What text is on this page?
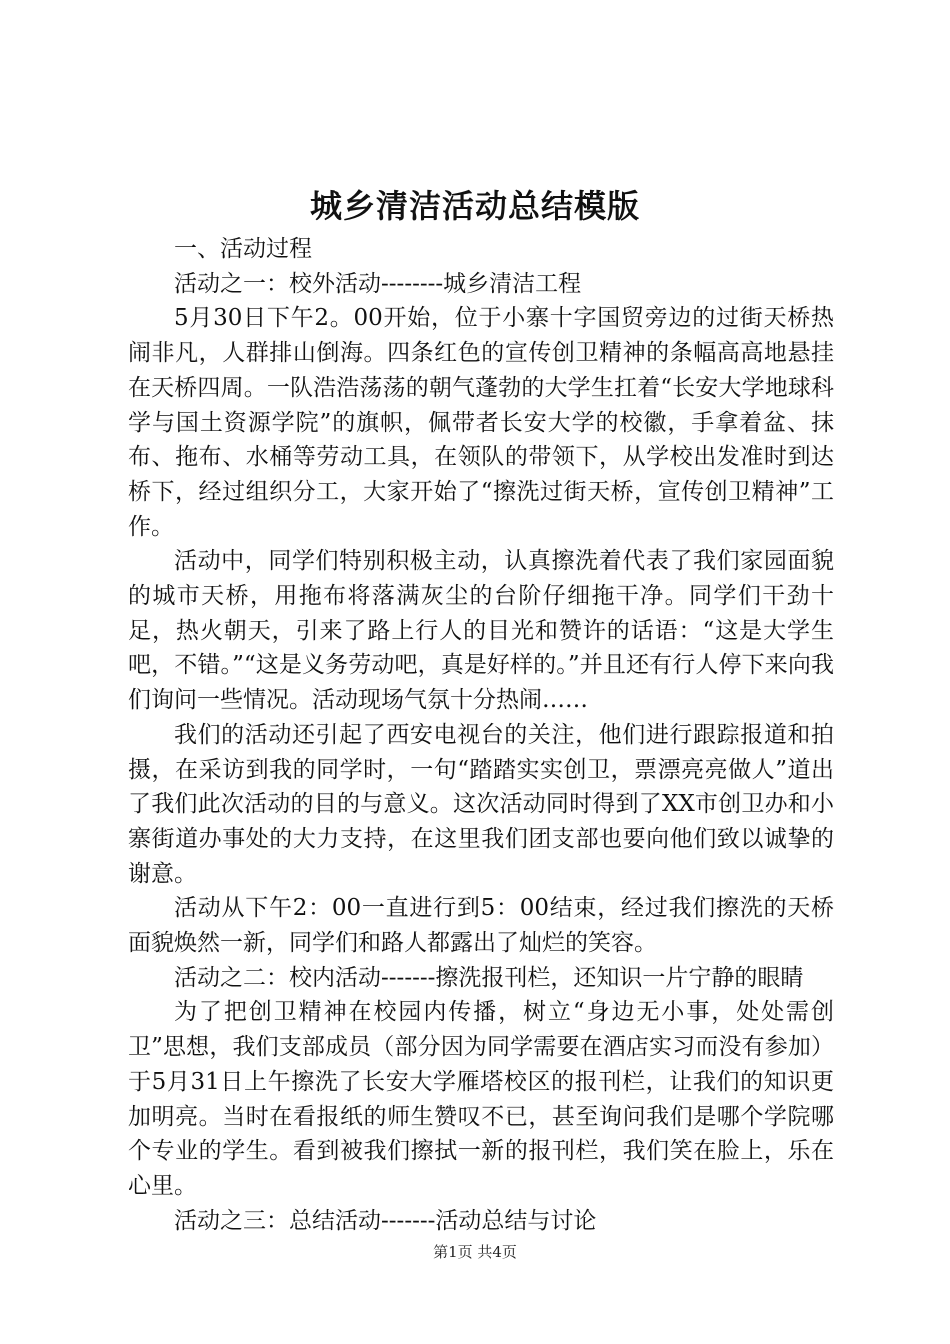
城乡清洁活动总结模版

一、活动过程

活动之一：校外活动--------城乡清洁工程

5月30日下午2。00开始，位于小寨十字国贸旁边的过街天桥热闹非凡，人群排山倒海。四条红色的宣传创卫精神的条幅高高地悬挂在天桥四周。一队浩浩荡荡的朝气蓬勃的大学生扛着“长安大学地球科学与国土资源学院”的旗帜，佩带者长安大学的校徽，手拿着盆、抹布、拖布、水桶等劳动工具，在领队的带领下，从学校出发准时到达桥下，经过组织分工，大家开始了“擦洗过街天桥，宣传创卫精神”工作。

活动中，同学们特别积极主动，认真擦洗着代表了我们家园面貌的城市天桥，用拖布将落满灰尘的台阶仔细拖干净。同学们干劲十足，热火朝天，引来了路上行人的目光和赞许的话语：“这是大学生吧，不错。”“这是义务劳动吧，真是好样的。”并且还有行人停下来向我们询问一些情况。活动现场气氛十分热闹……

我们的活动还引起了西安电视台的关注，他们进行跟踪报道和拍摄，在采访到我的同学时，一句“踏踏实实创卫，票漂亮亮做人”道出了我们此次活动的目的与意义。这次活动同时得到了XX市创卫办和小寨街道办事处的大力支持，在这里我们团支部也要向他们致以诚挚的谢意。

活动从下午2：00一直进行到5：00结束，经过我们擦洗的天桥面貌焕然一新，同学们和路人都露出了灿烂的笑容。

活动之二：校内活动-------擦洗报刊栏，还知识一片宁静的眼睛

为了把创卫精神在校园内传播，树立“身边无小事，处处需创卫”思想，我们支部成员（部分因为同学需要在酒店实习而没有参加）于5月31日上午擦洗了长安大学雁塔校区的报刊栏，让我们的知识更加明亮。当时在看报纸的师生赞叹不已，甚至询问我们是哪个学院哪个专业的学生。看到被我们擦拭一新的报刊栏，我们笑在脸上，乐在心里。

活动之三：总结活动-------活动总结与讨论

第1页 共4页
